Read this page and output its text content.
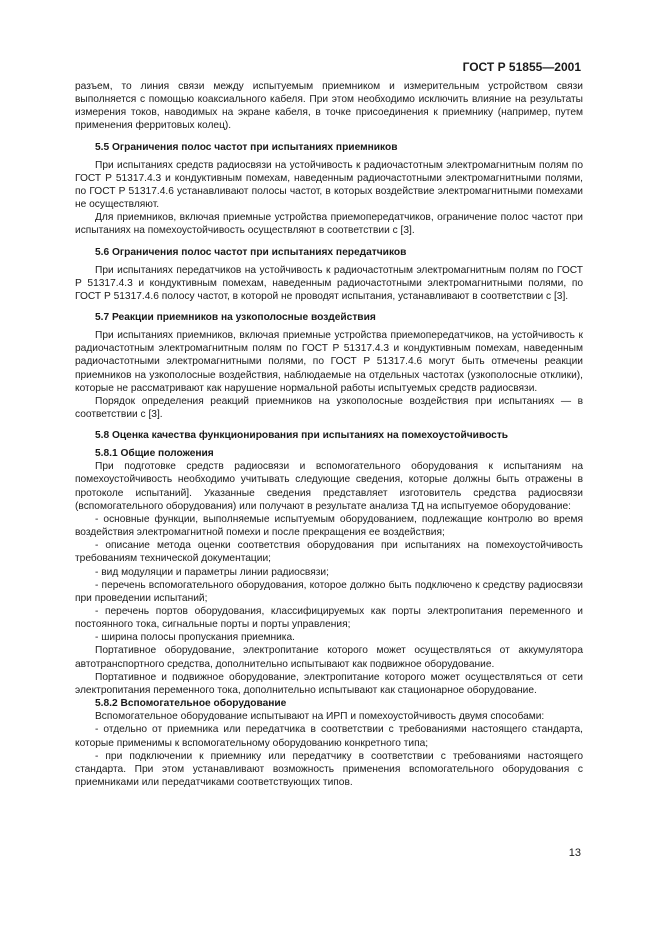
ГОСТ Р 51855—2001

разъем, то линия связи между испытуемым приемником и измерительным устройством связи выполняется с помощью коаксиального кабеля. При этом необходимо исключить влияние на результаты измерения токов, наводимых на экране кабеля, в точке присоединения к приемнику (например, путем применения ферритовых колец).

5.5 Ограничения полос частот при испытаниях приемников

При испытаниях средств радиосвязи на устойчивость к радиочастотным электромагнитным полям по ГОСТ Р 51317.4.3 и кондуктивным помехам, наведенным радиочастотными электромагнитными полями, по ГОСТ Р 51317.4.6 устанавливают полосы частот, в которых воздействие электромагнитными помехами не осуществляют.

Для приемников, включая приемные устройства приемопередатчиков, ограничение полос частот при испытаниях на помехоустойчивость осуществляют в соответствии с [3].

5.6 Ограничения полос частот при испытаниях передатчиков

При испытаниях передатчиков на устойчивость к радиочастотным электромагнитным полям по ГОСТ Р 51317.4.3 и кондуктивным помехам, наведенным радиочастотными электромагнитными полями, по ГОСТ Р 51317.4.6 полосу частот, в которой не проводят испытания, устанавливают в соответствии с [3].

5.7 Реакции приемников на узкополосные воздействия

При испытаниях приемников, включая приемные устройства приемопередатчиков, на устойчивость к радиочастотным электромагнитным полям по ГОСТ Р 51317.4.3 и кондуктивным помехам, наведенным радиочастотными электромагнитными полями, по ГОСТ Р 51317.4.6 могут быть отмечены реакции приемников на узкополосные воздействия, наблюдаемые на отдельных частотах (узкополосные отклики), которые не рассматривают как нарушение нормальной работы испытуемых средств радиосвязи.

Порядок определения реакций приемников на узкополосные воздействия при испытаниях — в соответствии с [3].

5.8 Оценка качества функционирования при испытаниях на помехоустойчивость
5.8.1 Общие положения

При подготовке средств радиосвязи и вспомогательного оборудования к испытаниям на помехоустойчивость необходимо учитывать следующие сведения, которые должны быть отражены в протоколе испытаний]. Указанные сведения представляет изготовитель средства радиосвязи (вспомогательного оборудования) или получают в результате анализа ТД на испытуемое оборудование:

- основные функции, выполняемые испытуемым оборудованием, подлежащие контролю во время воздействия электромагнитной помехи и после прекращения ее воздействия;

- описание метода оценки соответствия оборудования при испытаниях на помехоустойчивость требованиям технической документации;

- вид модуляции и параметры линии радиосвязи;

- перечень вспомогательного оборудования, которое должно быть подключено к средству радиосвязи при проведении испытаний;

- перечень портов оборудования, классифицируемых как порты электропитания переменного и постоянного тока, сигнальные порты и порты управления;

- ширина полосы пропускания приемника.

Портативное оборудование, электропитание которого может осуществляться от аккумулятора автотранспортного средства, дополнительно испытывают как подвижное оборудование.

Портативное и подвижное оборудование, электропитание которого может осуществляться от сети электропитания переменного тока, дополнительно испытывают как стационарное оборудование.

5.8.2 Вспомогательное оборудование

Вспомогательное оборудование испытывают на ИРП и помехоустойчивость двумя способами:

- отдельно от приемника или передатчика в соответствии с требованиями настоящего стандарта, которые применимы к вспомогательному оборудованию конкретного типа;

- при подключении к приемнику или передатчику в соответствии с требованиями настоящего стандарта. При этом устанавливают возможность применения вспомогательного оборудования с приемниками или передатчиками соответствующих типов.

13
